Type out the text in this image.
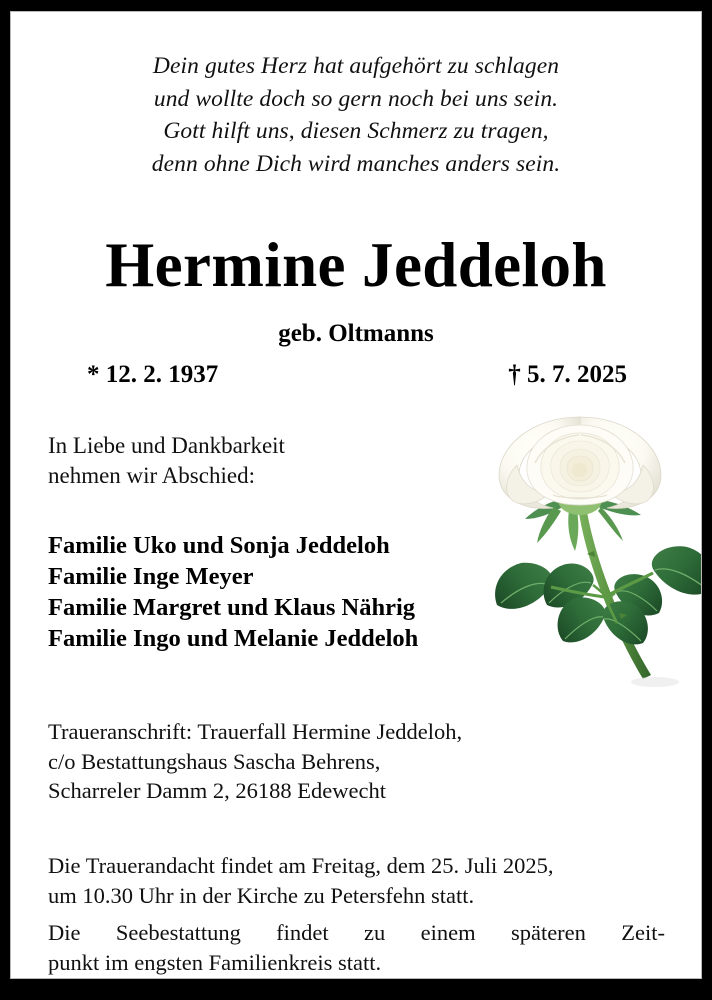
Dein gutes Herz hat aufgehört zu schlagen
und wollte doch so gern noch bei uns sein.
Gott hilft uns, diesen Schmerz zu tragen,
denn ohne Dich wird manches anders sein.
Hermine Jeddeloh
geb. Oltmanns
* 12. 2. 1937	† 5. 7. 2025
In Liebe und Dankbarkeit
nehmen wir Abschied:
Familie Uko und Sonja Jeddeloh
Familie Inge Meyer
Familie Margret und Klaus Nährig
Familie Ingo und Melanie Jeddeloh
Traueranschrift: Trauerfall Hermine Jeddeloh,
c/o Bestattungshaus Sascha Behrens,
Scharreler Damm 2, 26188 Edewecht
Die Trauerandacht findet am Freitag, dem 25. Juli 2025,
um 10.30 Uhr in der Kirche zu Petersfehn statt.
Die Seebestattung findet zu einem späteren Zeit-
punkt im engsten Familienkreis statt.
